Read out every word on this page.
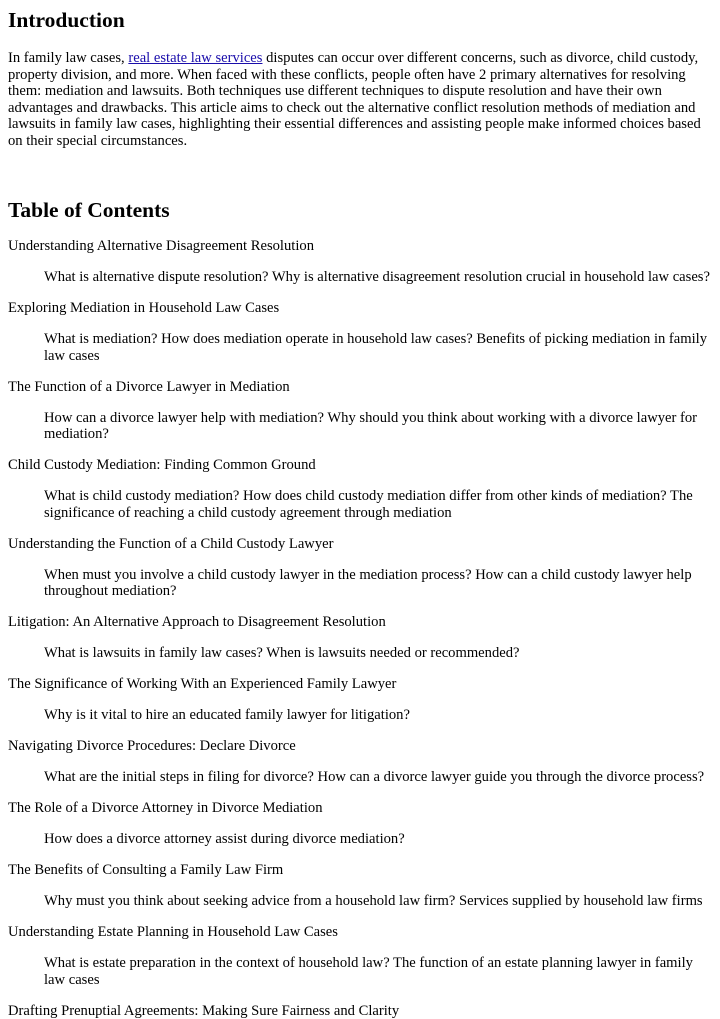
Introduction

In family law cases, real estate law services disputes can occur over different concerns, such as divorce, child custody, property division, and more. When faced with these conflicts, people often have 2 primary alternatives for resolving them: mediation and lawsuits. Both techniques use different techniques to dispute resolution and have their own advantages and drawbacks. This article aims to check out the alternative conflict resolution methods of mediation and lawsuits in family law cases, highlighting their essential differences and assisting people make informed choices based on their special circumstances.

Table of Contents

Understanding Alternative Disagreement Resolution

What is alternative dispute resolution? Why is alternative disagreement resolution crucial in household law cases?

Exploring Mediation in Household Law Cases

What is mediation? How does mediation operate in household law cases? Benefits of picking mediation in family law cases

The Function of a Divorce Lawyer in Mediation

How can a divorce lawyer help with mediation? Why should you think about working with a divorce lawyer for mediation?

Child Custody Mediation: Finding Common Ground

What is child custody mediation? How does child custody mediation differ from other kinds of mediation? The significance of reaching a child custody agreement through mediation

Understanding the Function of a Child Custody Lawyer

When must you involve a child custody lawyer in the mediation process? How can a child custody lawyer help throughout mediation?

Litigation: An Alternative Approach to Disagreement Resolution

What is lawsuits in family law cases? When is lawsuits needed or recommended?

The Significance of Working With an Experienced Family Lawyer

Why is it vital to hire an educated family lawyer for litigation?

Navigating Divorce Procedures: Declare Divorce

What are the initial steps in filing for divorce? How can a divorce lawyer guide you through the divorce process?

The Role of a Divorce Attorney in Divorce Mediation

How does a divorce attorney assist during divorce mediation?

The Benefits of Consulting a Family Law Firm

Why must you think about seeking advice from a household law firm? Services supplied by household law firms

Understanding Estate Planning in Household Law Cases

What is estate preparation in the context of household law? The function of an estate planning lawyer in family law cases

Drafting Prenuptial Agreements: Making Sure Fairness and Clarity
